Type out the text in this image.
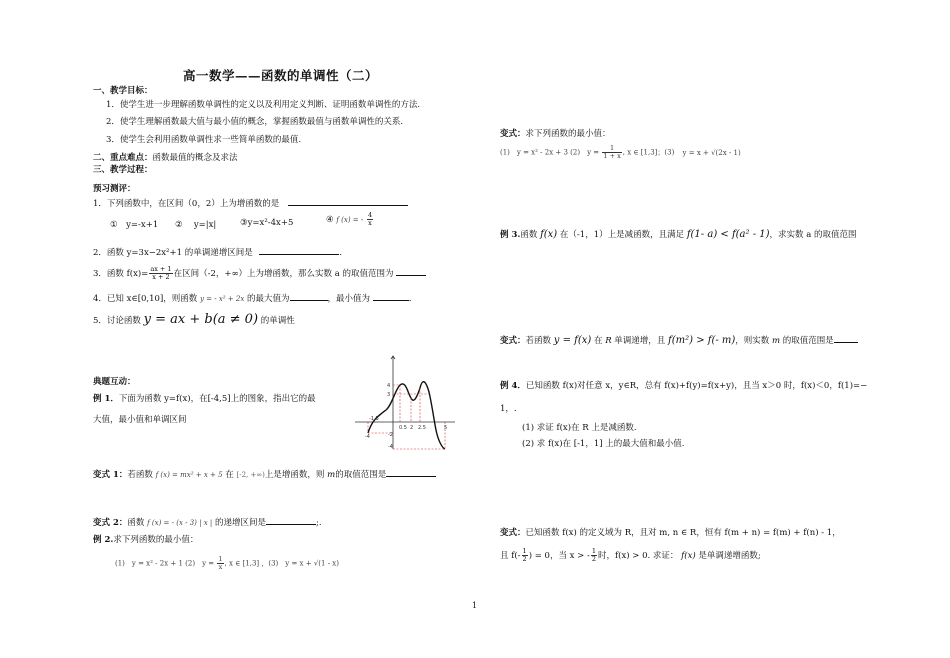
高一数学——函数的单调性（二）
一、教学目标：
1．使学生进一步理解函数单调性的定义以及利用定义判断、证明函数单调性的方法.
2．使学生理解函数最大值与最小值的概念，掌握函数最值与函数单调性的关系.
3．使学生会利用函数单调性求一些简单函数的最值.
二、重点难点：函数最值的概念及求法
三、教学过程：
预习测评：
1．下列函数中，在区间（0，2）上为增函数的是
①　y=-x+1 ②　 y=|x|	③y=x²-4x+5	④ f (x) = - $\frac{4}{x}$
2．函数 y=3x−2x²+1 的单调递增区间是	.
3．函数 $f(x)= \frac{ax + 1}{x + 2}$ 在区间（-2，+∞）上为增函数，那么实数 a 的取值范围为
4．已知 x∈[0,10]，则函数 y = - x² + 2x 的最大值为	，最小值为	．
5．讨论函数 y = ax + b(a ≠ 0) 的单调性
典题互动：
例 1．下面为函数 y=f(x)，在[-4,5]上的图象，指出它的最
大值，最小值和单调区间
4
3
-1.5
0.5 2 2.5	5
-2
-4
-4
变式 1：若函数 f (x) = mx² + x + 5 在 [-2, +∞)上是增函数，则 m的取值范围是
变式 2：函数 f (x) = - (x - 3) | x | 的递增区间是	;.
例 2.求下列函数的最小值：
(1)　y = x² - 2x + 1 (2)　$y = \frac{1}{x}$ , x ∈ [1,3] ，(3)　y = x + √(1 - x)
变式：求下列函数的最小值：
(1)　y = x² - 2x + 3 (2)　$y = \frac{1}{1 + x}$ , x ∈ [1,3]；(3) y = x + √(2x - 1)
例 3.函数 f(x) 在（-1，1）上是减函数，且满足 f(1- a) < f(a² - 1)，求实数 a 的取值范围
变式：若函数 y = f(x) 在 R 单调递增，且 f(m²) > f(- m)，则实数 m 的取值范围是
例 4．已知函数 f(x)对任意 x，y∈R，总有 f(x)+f(y)=f(x+y)，且当 x＞0 时，f(x)＜0，f(1)=−
1，.
(1) 求证 f(x)在 R 上是减函数.
(2) 求 f(x)在 [-1，1] 上的最大值和最小值.
变式：已知函数 f(x) 的定义域为 R，且对 m, n ∈ R，恒有 f(m + n) = f(m) + f(n) - 1，
且 $f(- \frac{1}{2}$ ) = 0，当 x > - $\frac{1}{2}$ 时，f(x) > 0. 求证： f(x) 是单调递增函数;
1
